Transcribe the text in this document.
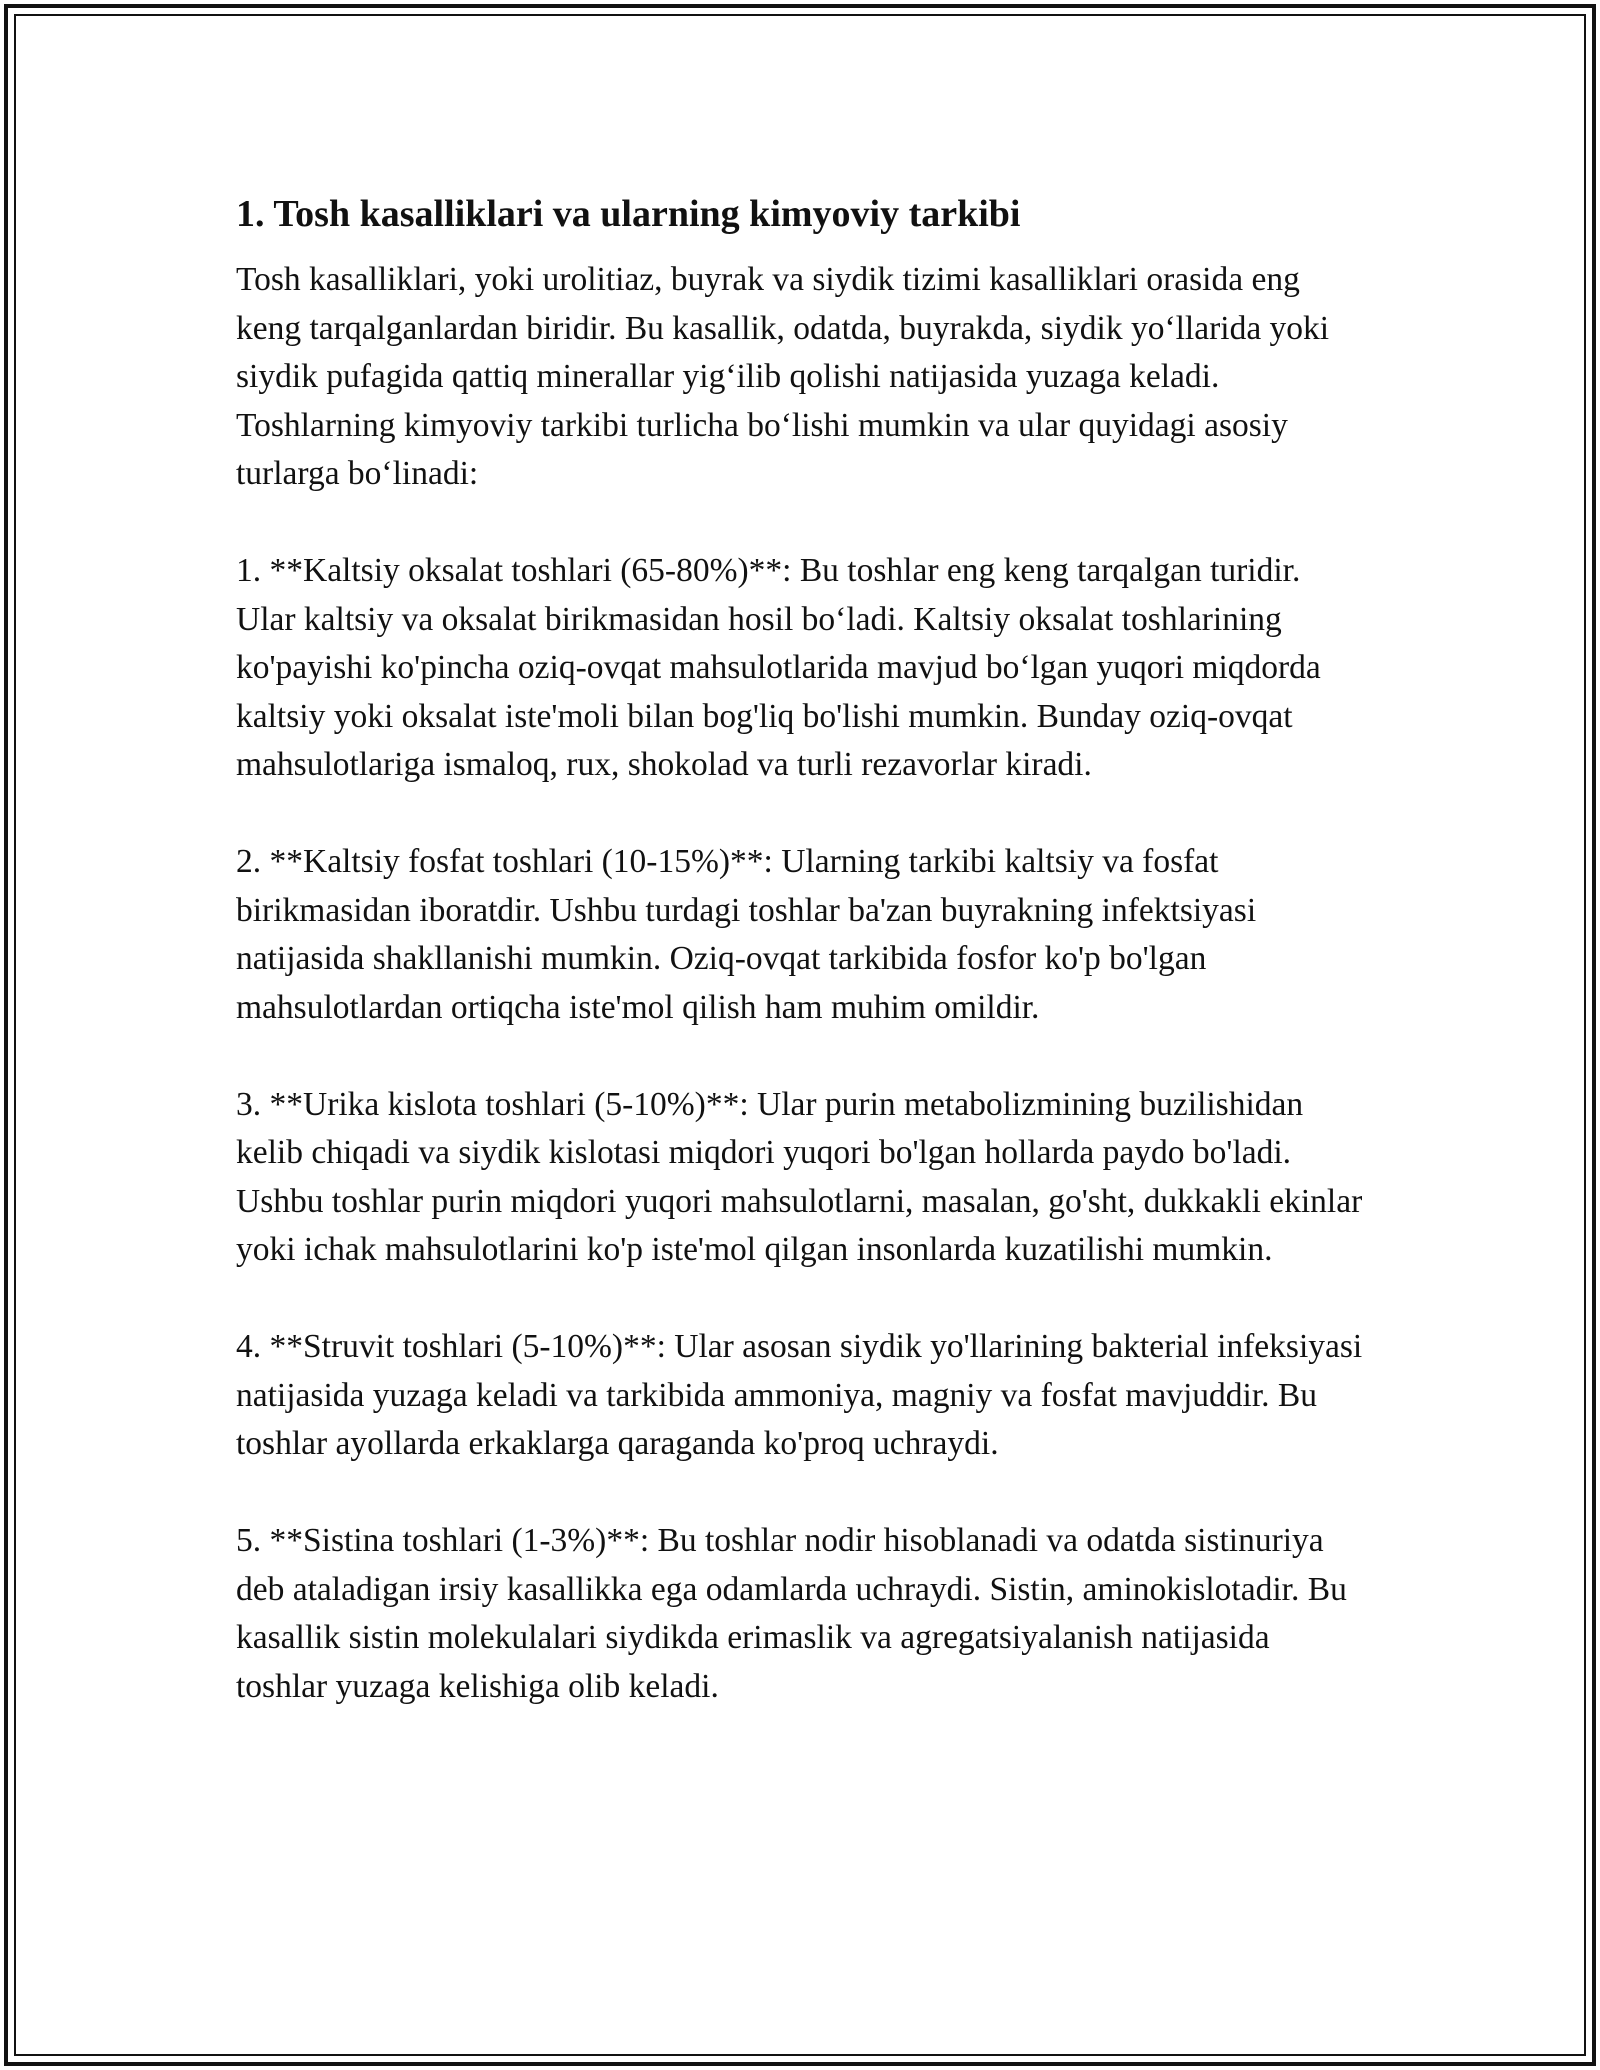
1. Tosh kasalliklari va ularning kimyoviy tarkibi

Tosh kasalliklari, yoki urolitiaz, buyrak va siydik tizimi kasalliklari orasida eng keng tarqalganlardan biridir. Bu kasallik, odatda, buyrakda, siydik yo‘llarida yoki siydik pufagida qattiq minerallar yig‘ilib qolishi natijasida yuzaga keladi. Toshlarning kimyoviy tarkibi turlicha bo‘lishi mumkin va ular quyidagi asosiy turlarga bo‘linadi:

1. **Kaltsiy oksalat toshlari (65-80%)**: Bu toshlar eng keng tarqalgan turidir. Ular kaltsiy va oksalat birikmasidan hosil bo‘ladi. Kaltsiy oksalat toshlarining ko'payishi ko'pincha oziq-ovqat mahsulotlarida mavjud bo‘lgan yuqori miqdorda kaltsiy yoki oksalat iste'moli bilan bog'liq bo'lishi mumkin. Bunday oziq-ovqat mahsulotlariga ismaloq, rux, shokolad va turli rezavorlar kiradi.

2. **Kaltsiy fosfat toshlari (10-15%)**: Ularning tarkibi kaltsiy va fosfat birikmasidan iboratdir. Ushbu turdagi toshlar ba'zan buyrakning infektsiyasi natijasida shakllanishi mumkin. Oziq-ovqat tarkibida fosfor ko'p bo'lgan mahsulotlardan ortiqcha iste'mol qilish ham muhim omildir.

3. **Urika kislota toshlari (5-10%)**: Ular purin metabolizmining buzilishidan kelib chiqadi va siydik kislotasi miqdori yuqori bo'lgan hollarda paydo bo'ladi. Ushbu toshlar purin miqdori yuqori mahsulotlarni, masalan, go'sht, dukkakli ekinlar yoki ichak mahsulotlarini ko'p iste'mol qilgan insonlarda kuzatilishi mumkin.

4. **Struvit toshlari (5-10%)**: Ular asosan siydik yo'llarining bakterial infeksiyasi natijasida yuzaga keladi va tarkibida ammoniya, magniy va fosfat mavjuddir. Bu toshlar ayollarda erkaklarga qaraganda ko'proq uchraydi.

5. **Sistina toshlari (1-3%)**: Bu toshlar nodir hisoblanadi va odatda sistinuriya deb ataladigan irsiy kasallikka ega odamlarda uchraydi. Sistin, aminokislotadir. Bu kasallik sistin molekulalari siydikda erimaslik va agregatsiyalanish natijasida toshlar yuzaga kelishiga olib keladi.
